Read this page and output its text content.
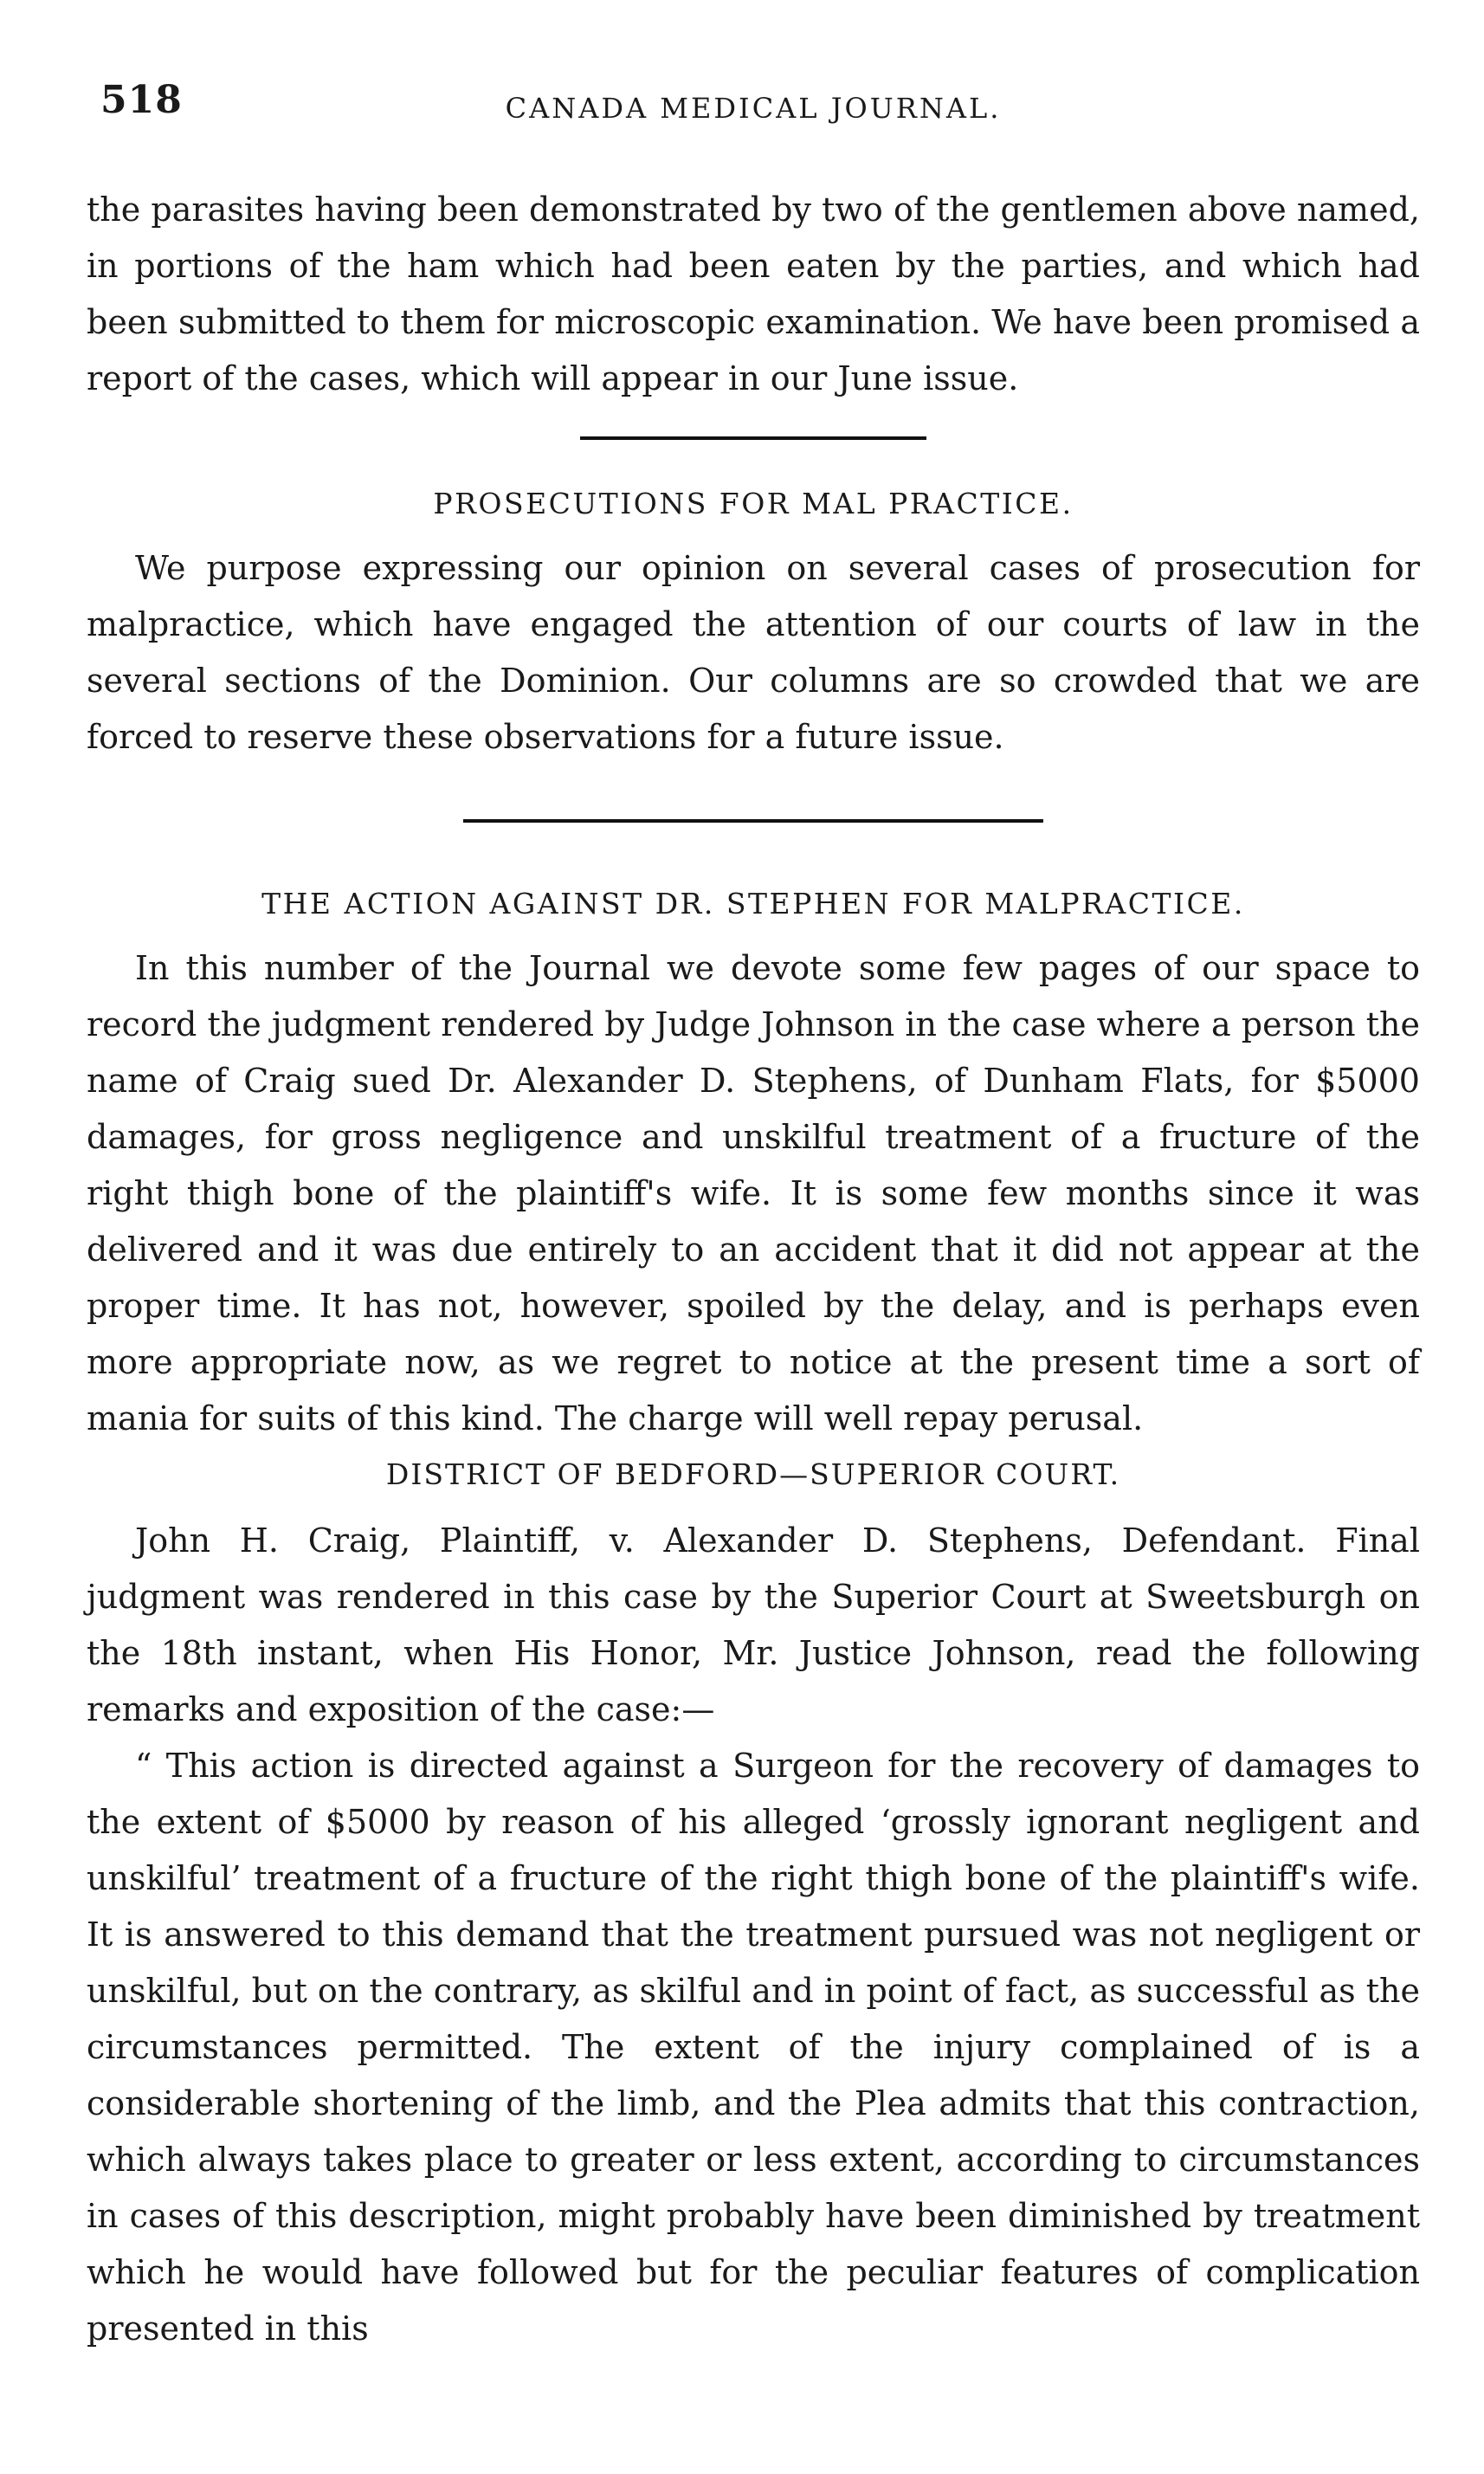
518	CANADA MEDICAL JOURNAL.

the parasites having been demonstrated by two of the gentlemen above named, in portions of the ham which had been eaten by the parties, and which had been submitted to them for microscopic examination. We have been promised a report of the cases, which will appear in our June issue.

PROSECUTIONS FOR MAL PRACTICE.

We purpose expressing our opinion on several cases of prosecution for malpractice, which have engaged the attention of our courts of law in the several sections of the Dominion. Our columns are so crowded that we are forced to reserve these observations for a future issue.

THE ACTION AGAINST DR. STEPHEN FOR MALPRACTICE.

In this number of the Journal we devote some few pages of our space to record the judgment rendered by Judge Johnson in the case where a person the name of Craig sued Dr. Alexander D. Stephens, of Dunham Flats, for $5000 damages, for gross negligence and unskilful treatment of a fructure of the right thigh bone of the plaintiff's wife. It is some few months since it was delivered and it was due entirely to an accident that it did not appear at the proper time. It has not, however, spoiled by the delay, and is perhaps even more appropriate now, as we regret to notice at the present time a sort of mania for suits of this kind. The charge will well repay perusal.

DISTRICT OF BEDFORD—SUPERIOR COURT.

John H. Craig, Plaintiff, v. Alexander D. Stephens, Defendant. Final judgment was rendered in this case by the Superior Court at Sweetsburgh on the 18th instant, when His Honor, Mr. Justice Johnson, read the following remarks and exposition of the case:—

“ This action is directed against a Surgeon for the recovery of damages to the extent of $5000 by reason of his alleged ‘grossly ignorant negligent and unskilful’ treatment of a fructure of the right thigh bone of the plaintiff's wife. It is answered to this demand that the treatment pursued was not negligent or unskilful, but on the contrary, as skilful and in point of fact, as successful as the circumstances permitted. The extent of the injury complained of is a considerable shortening of the limb, and the Plea admits that this contraction, which always takes place to greater or less extent, according to circumstances in cases of this description, might probably have been diminished by treatment which he would have followed but for the peculiar features of complication presented in this
